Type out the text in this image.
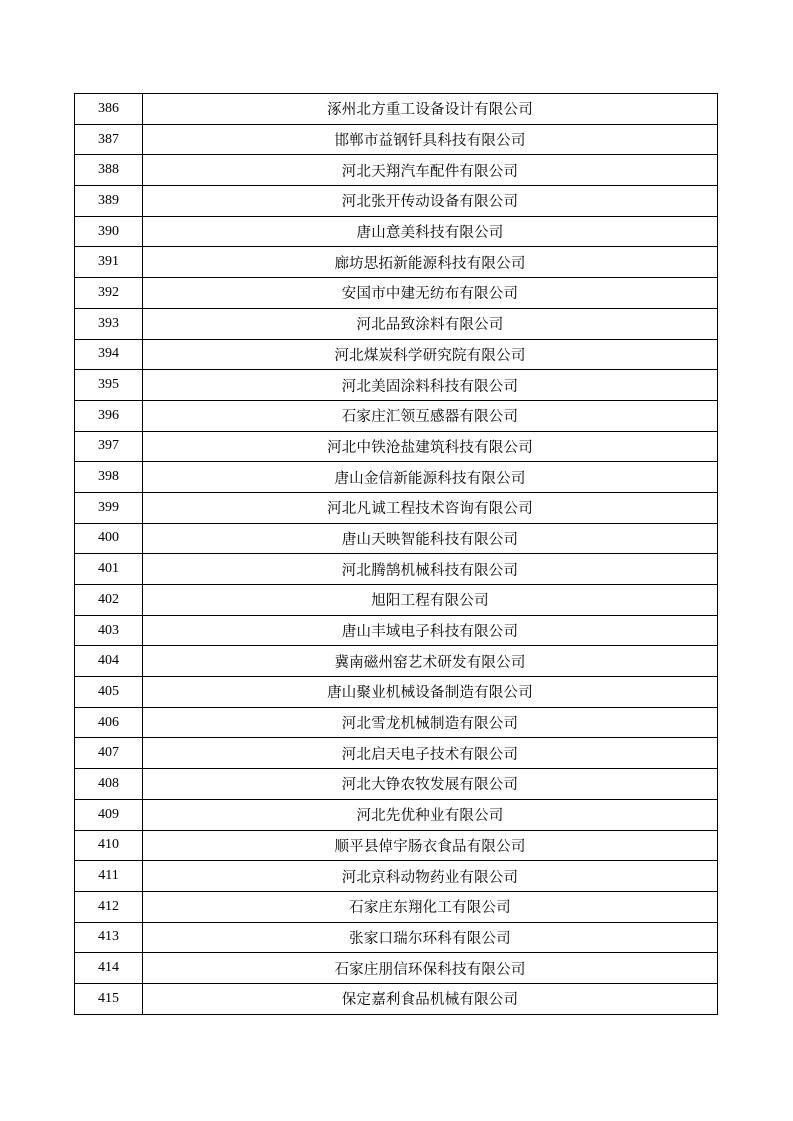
386	涿州北方重工设备设计有限公司
387	邯郸市益钢钎具科技有限公司
388	河北天翔汽车配件有限公司
389	河北张开传动设备有限公司
390	唐山意美科技有限公司
391	廊坊思拓新能源科技有限公司
392	安国市中建无纺布有限公司
393	河北品致涂料有限公司
394	河北煤炭科学研究院有限公司
395	河北美固涂料科技有限公司
396	石家庄汇领互感器有限公司
397	河北中铁沧盐建筑科技有限公司
398	唐山金信新能源科技有限公司
399	河北凡诚工程技术咨询有限公司
400	唐山天映智能科技有限公司
401	河北腾鹄机械科技有限公司
402	旭阳工程有限公司
403	唐山丰域电子科技有限公司
404	冀南磁州窑艺术研发有限公司
405	唐山聚业机械设备制造有限公司
406	河北雪龙机械制造有限公司
407	河北启天电子技术有限公司
408	河北大铮农牧发展有限公司
409	河北先优种业有限公司
410	顺平县倬宇肠衣食品有限公司
411	河北京科动物药业有限公司
412	石家庄东翔化工有限公司
413	张家口瑞尔环科有限公司
414	石家庄朋信环保科技有限公司
415	保定嘉利食品机械有限公司
